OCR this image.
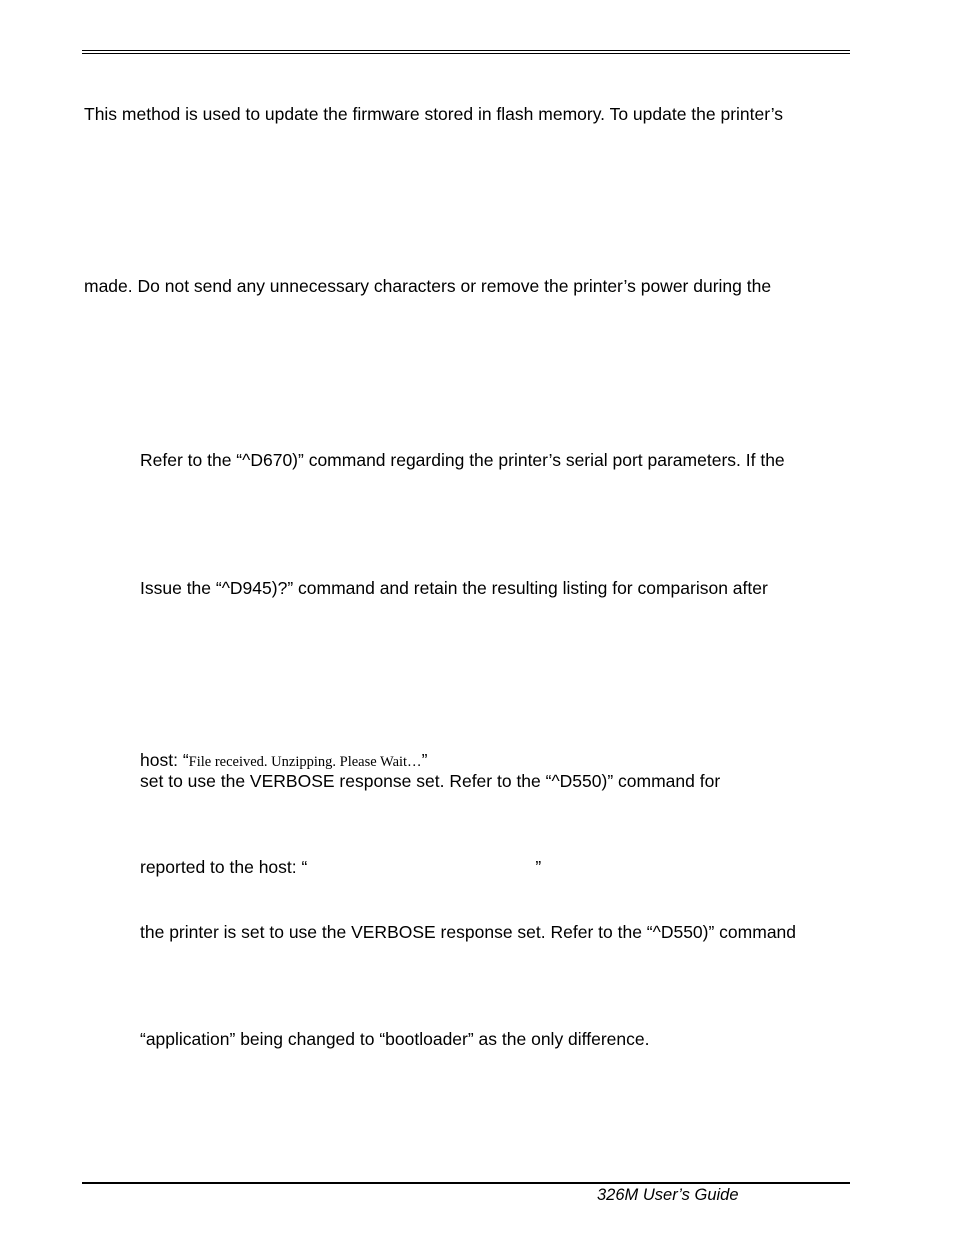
This method is used to update the firmware stored in flash memory. To update the printer’s
made. Do not send any unnecessary characters or remove the printer’s power during the
Refer to the “^D670)” command regarding the printer’s serial port parameters. If the
Issue the “^D945)?” command and retain the resulting listing for comparison after
host: “File received. Unzipping. Please Wait…”
set to use the VERBOSE response set. Refer to the “^D550)” command for
reported to the host: “	”
the printer is set to use the VERBOSE response set. Refer to the “^D550)” command
“application” being changed to “bootloader” as the only difference.
326M User’s Guide
